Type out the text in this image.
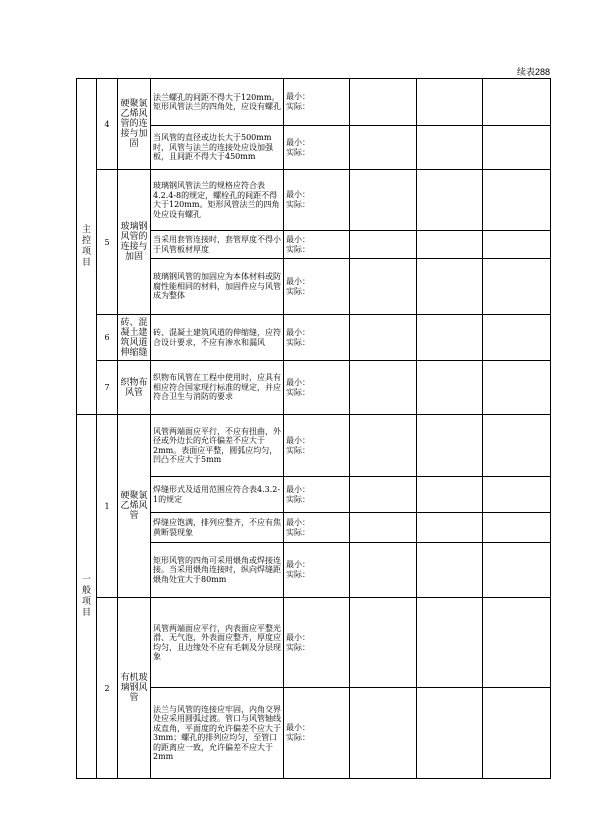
续表288
主控项目	4	硬聚氯乙烯风管的连接与加固	法兰螺孔的间距不得大于120mm。矩形风管法兰的四角处，应设有螺孔	最小：
实际：			

			当风管的直径或边长大于500mm时，风管与法兰的连接处应设加强板，且间距不得大于450mm	最小：
实际：			

	5	玻璃钢风管的连接与加固	玻璃钢风管法兰的规格应符合表4.2.4-8的规定，螺栓孔的间距不得大于120mm。矩形风管法兰的四角处应设有螺孔	最小：
实际：			

			当采用套管连接时，套管厚度不得小于风管板材厚度	最小：
实际：			

			玻璃钢风管的加固应为本体材料或防腐性能相同的材料，加固件应与风管成为整体	最小：
实际：			

	6	砖、混凝土建筑风道伸缩缝	砖、混凝土建筑风道的伸缩缝，应符合设计要求，不应有渗水和漏风	最小：
实际：			

	7	织物布风管	织物布风管在工程中使用时，应具有相应符合国家现行标准的规定，并应符合卫生与消防的要求	最小：
实际：			

一般项目	1	硬聚氯乙烯风管	风管两端面应平行，不应有扭曲，外径或外边长的允许偏差不应大于2mm。表面应平整，圆弧应均匀，凹凸不应大于5mm	最小：
实际：			

			焊缝形式及适用范围应符合表4.3.2-1的规定	最小：
实际：			

			焊缝应饱满，排列应整齐，不应有焦黄断裂现象	最小：
实际：			

			矩形风管的四角可采用煨角或焊接连接。当采用煨角连接时，纵向焊缝距煨角处宜大于80mm	最小：
实际：			

	2	有机玻璃钢风管	风管两端面应平行，内表面应平整光滑、无气泡，外表面应整齐，厚度应均匀，且边缘处不应有毛刺及分层现象	最小：
实际：			

			法兰与风管的连接应牢固，内角交界处应采用圆弧过渡。管口与风管轴线成直角，平面度的允许偏差不应大于3mm；螺孔的排列应均匀，至管口的距离应一致，允许偏差不应大于2mm	最小：
实际：			
